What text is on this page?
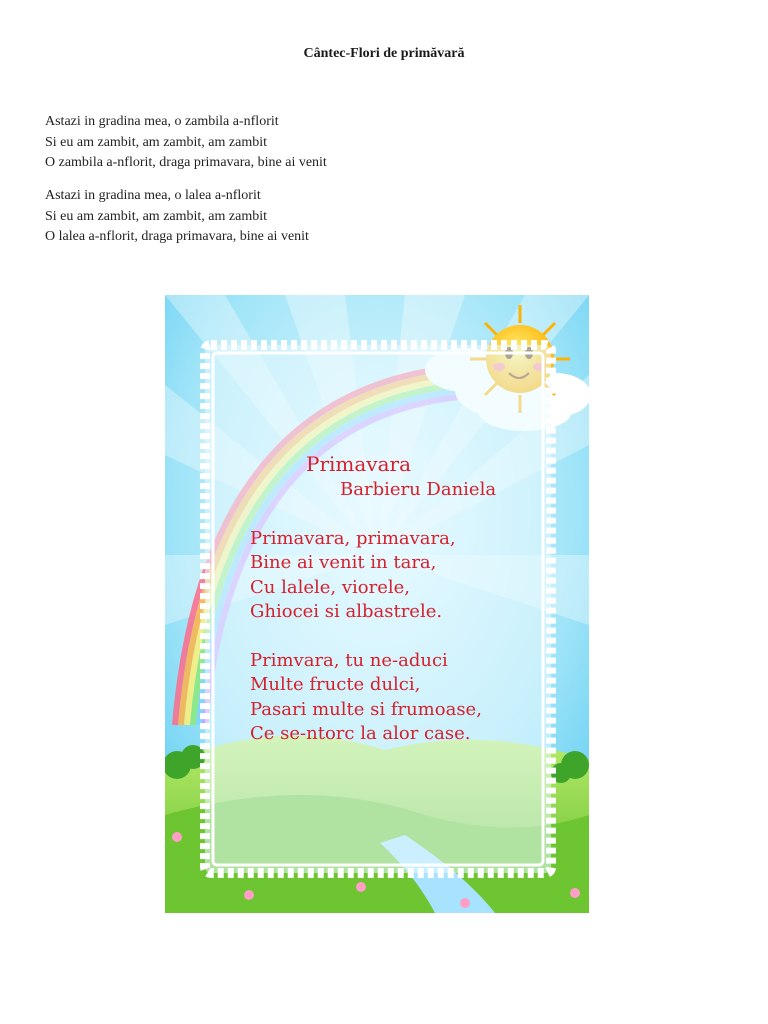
Cântec-Flori de primăvară
Astazi in gradina mea, o zambila a-nflorit
Si eu am zambit, am zambit, am zambit
O zambila a-nflorit, draga primavara, bine ai venit
Astazi in gradina mea, o lalea a-nflorit
Si eu am zambit, am zambit, am zambit
O lalea a-nflorit, draga primavara, bine ai venit
Primavara
Barbieru Daniela
Primavara, primavara,
Bine ai venit in tara,
Cu lalele, viorele,
Ghiocei si albastrele.
Primvara, tu ne-aduci
Multe fructe dulci,
Pasari multe si frumoase,
Ce se-ntorc la alor case.
